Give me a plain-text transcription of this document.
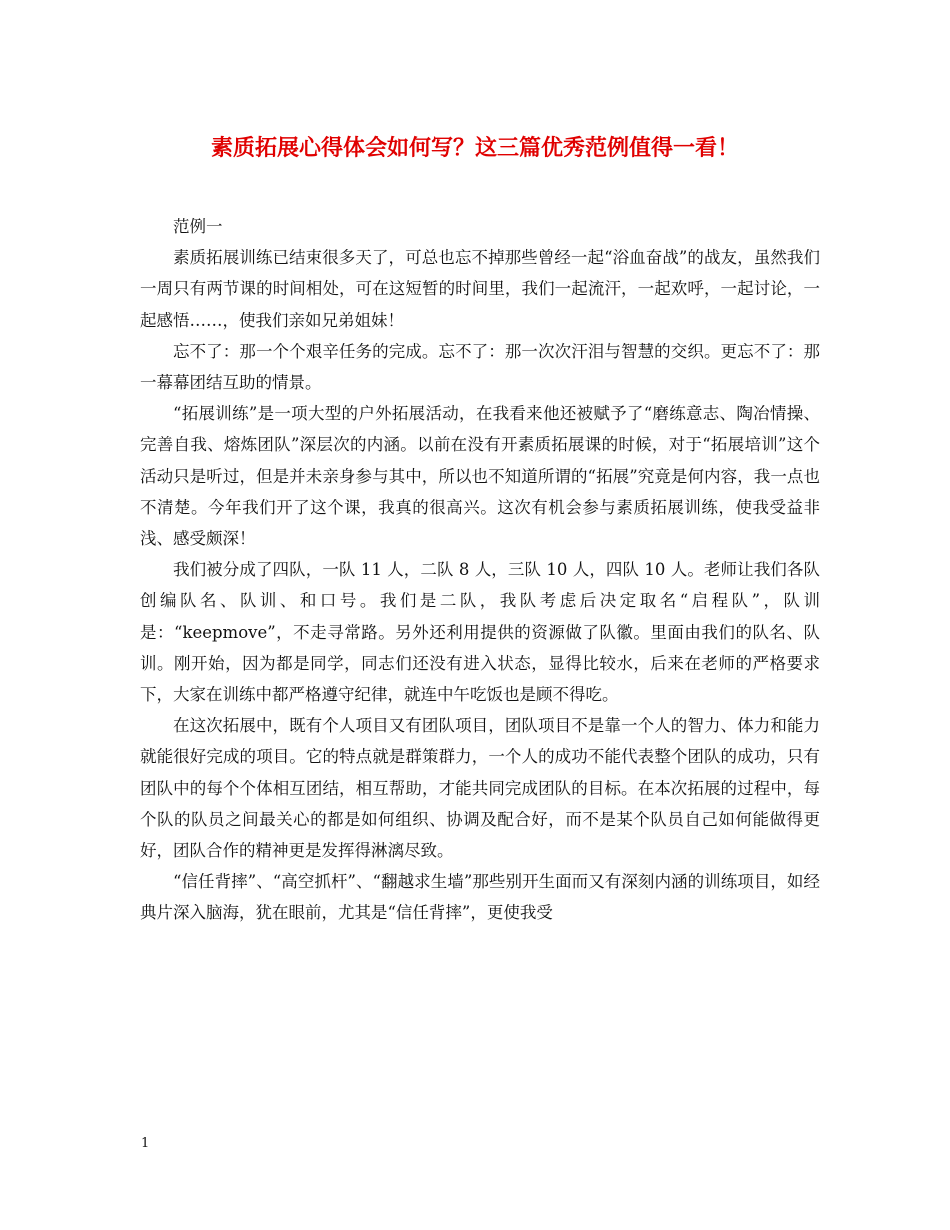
素质拓展心得体会如何写？这三篇优秀范例值得一看！

范例一

素质拓展训练已结束很多天了，可总也忘不掉那些曾经一起“浴血奋战”的战友，虽然我们一周只有两节课的时间相处，可在这短暂的时间里，我们一起流汗，一起欢呼，一起讨论，一起感悟……，使我们亲如兄弟姐妹！

忘不了：那一个个艰辛任务的完成。忘不了：那一次次汗泪与智慧的交织。更忘不了：那一幕幕团结互助的情景。

“拓展训练”是一项大型的户外拓展活动，在我看来他还被赋予了“磨练意志、陶冶情操、完善自我、熔炼团队”深层次的内涵。以前在没有开素质拓展课的时候，对于“拓展培训”这个活动只是听过，但是并未亲身参与其中，所以也不知道所谓的“拓展”究竟是何内容，我一点也不清楚。今年我们开了这个课，我真的很高兴。这次有机会参与素质拓展训练，使我受益非浅、感受颇深！

我们被分成了四队，一队 11 人，二队 8 人，三队 10 人，四队 10 人。老师让我们各队创编队名、队训、和口号。我们是二队，我队考虑后决定取名“启程队”，队训是：“keepmove”，不走寻常路。另外还利用提供的资源做了队徽。里面由我们的队名、队训。刚开始，因为都是同学，同志们还没有进入状态，显得比较水，后来在老师的严格要求下，大家在训练中都严格遵守纪律，就连中午吃饭也是顾不得吃。

在这次拓展中，既有个人项目又有团队项目，团队项目不是靠一个人的智力、体力和能力就能很好完成的项目。它的特点就是群策群力，一个人的成功不能代表整个团队的成功，只有团队中的每个个体相互团结，相互帮助，才能共同完成团队的目标。在本次拓展的过程中，每个队的队员之间最关心的都是如何组织、协调及配合好，而不是某个队员自己如何能做得更好，团队合作的精神更是发挥得淋漓尽致。

“信任背摔”、“高空抓杆”、“翻越求生墙”那些别开生面而又有深刻内涵的训练项目，如经典片深入脑海，犹在眼前，尤其是“信任背摔”，更使我受

1
